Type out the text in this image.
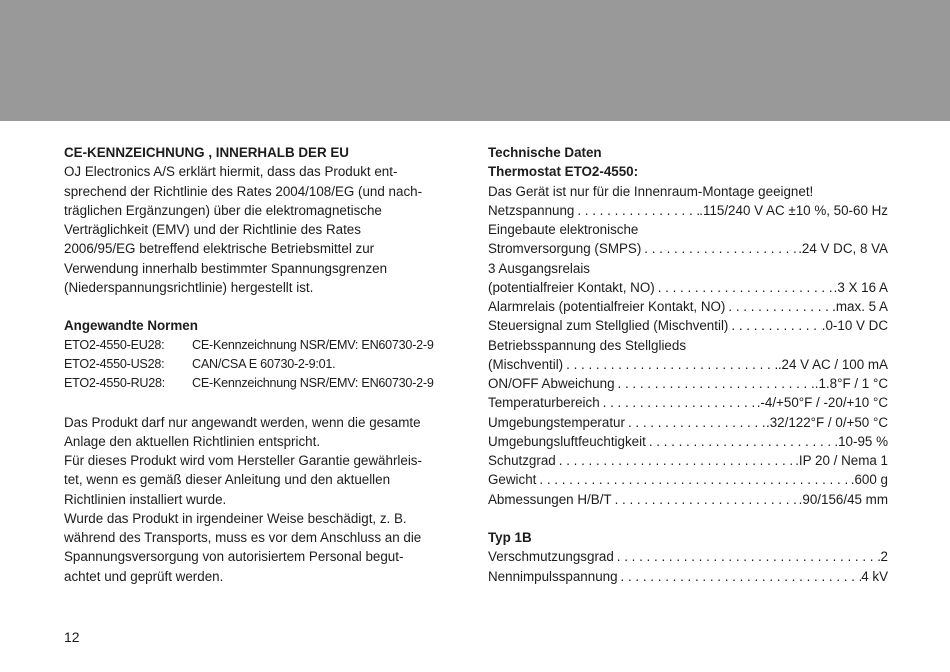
CE-KENNZEICHNUNG , INNERHALB DER EU

OJ Electronics A/S erklärt hiermit, dass das Produkt ent-

sprechend der Richtlinie des Rates 2004/108/EG (und nach-

träglichen Ergänzungen) über die elektromagnetische

Verträglichkeit (EMV) und der Richtlinie des Rates

2006/95/EG betreffend elektrische Betriebsmittel zur

Verwendung innerhalb bestimmter Spannungsgrenzen

(Niederspannungsrichtlinie) hergestellt ist.

Angewandte Normen

ETO2-4550-EU28:	CE-Kennzeichnung NSR/EMV: EN60730-2-9
ETO2-4550-US28:	CAN/CSA E 60730-2-9:01.
ETO2-4550-RU28:	CE-Kennzeichnung NSR/EMV: EN60730-2-9

Das Produkt darf nur angewandt werden, wenn die gesamte

Anlage den aktuellen Richtlinien entspricht.

Für dieses Produkt wird vom Hersteller Garantie gewährleis-

tet, wenn es gemäß dieser Anleitung und den aktuellen

Richtlinien installiert wurde.

Wurde das Produkt in irgendeiner Weise beschädigt, z. B.

während des Transports, muss es vor dem Anschluss an die

Spannungsversorgung von autorisiertem Personal begut-

achtet und geprüft werden.

Technische Daten

Thermostat ETO2-4550:

Das Gerät ist nur für die Innenraum-Montage geeignet!

Netzspannung . . .	.115/240 V AC ±10 %, 50-60 Hz

Eingebaute elektronische

Stromversorgung (SMPS) . . .	.24 V DC, 8 VA

3 Ausgangsrelais

(potentialfreier Kontakt, NO) . . .	.3 X 16 A
Alarmrelais (potentialfreier Kontakt, NO) . . .	.max. 5 A
Steuersignal zum Stellglied (Mischventil) . . .	.0-10 V DC

Betriebsspannung des Stellglieds

(Mischventil) . . .	.24 V AC / 100 mA
ON/OFF Abweichung . . .	.1.8°F / 1 °C
Temperaturbereich . . .	.-4/+50°F / -20/+10 °C
Umgebungstemperatur . . .	.32/122°F / 0/+50 °C
Umgebungsluftfeuchtigkeit . . .	.10-95 %
Schutzgrad . . .	.IP 20 / Nema 1
Gewicht . . .	.600 g
Abmessungen H/B/T . . .	.90/156/45 mm

Typ 1B

Verschmutzungsgrad . . .	2
Nennimpulsspannung . . .	4 kV
12
